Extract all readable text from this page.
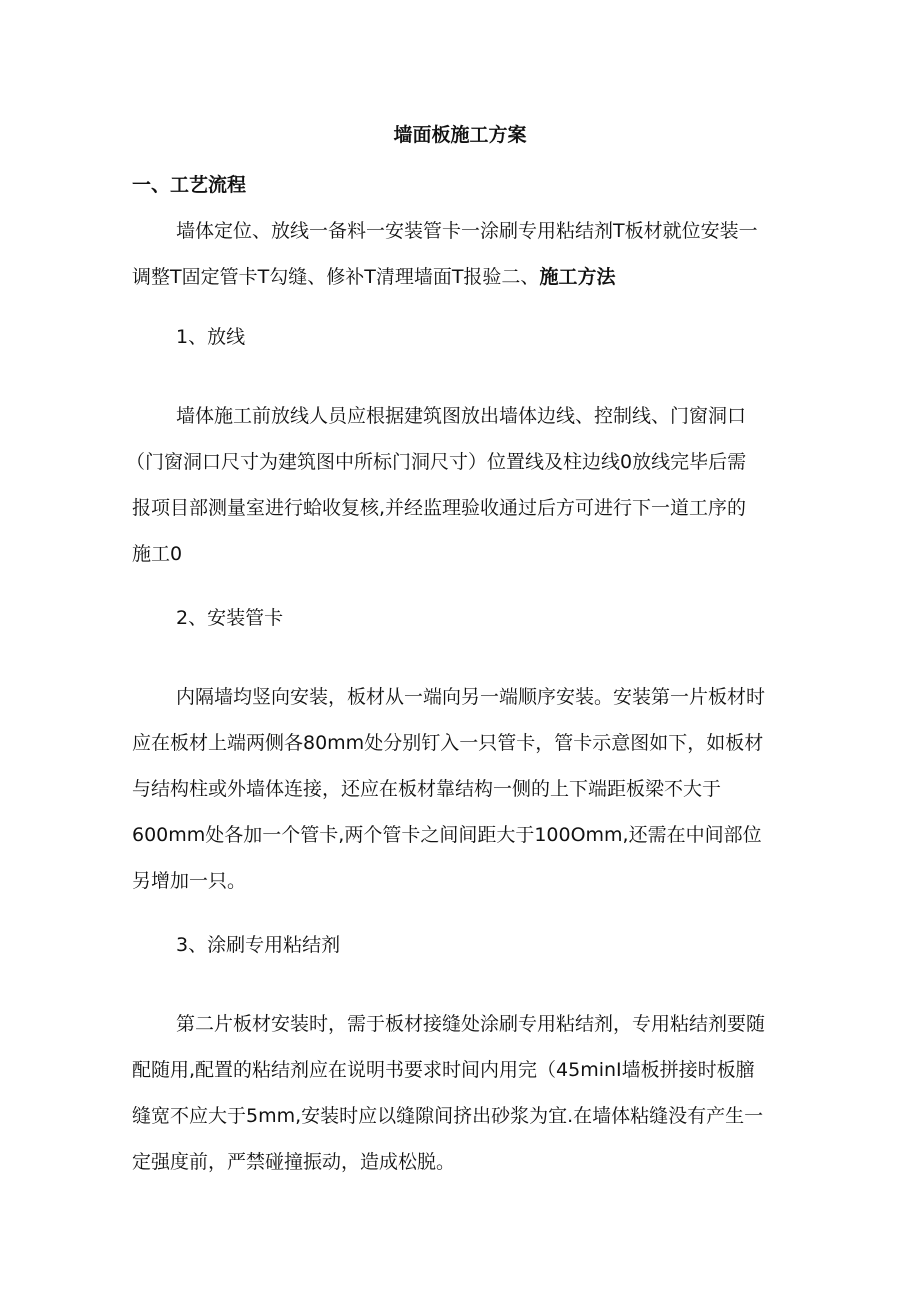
墙面板施工方案
一、工艺流程
墙体定位、放线一备料一安装管卡一涂刷专用粘结剂T板材就位安装一
调整T固定管卡T勾缝、修补T清理墙面T报验二、施工方法
1、放线
墙体施工前放线人员应根据建筑图放出墙体边线、控制线、门窗洞口
（门窗洞口尺寸为建筑图中所标门洞尺寸）位置线及柱边线0放线完毕后需
报项目部测量室进行蛤收复核,并经监理验收通过后方可进行下一道工序的
施工0
2、安装管卡
内隔墙均竖向安装，板材从一端向另一端顺序安装。安装第一片板材时
应在板材上端两侧各80mm处分别钉入一只管卡，管卡示意图如下，如板材
与结构柱或外墙体连接，还应在板材靠结构一侧的上下端距板梁不大于
600mm处各加一个管卡,两个管卡之间间距大于100Omm,还需在中间部位
另增加一只。
3、涂刷专用粘结剂
第二片板材安装时，需于板材接缝处涂刷专用粘结剂，专用粘结剂要随
配随用,配置的粘结剂应在说明书要求时间内用完（45minI墙板拼接时板膪
缝宽不应大于5mm,安装时应以缝隙间挤出砂浆为宜.在墙体粘缝没有产生一
定强度前，严禁碰撞振动，造成松脱。
